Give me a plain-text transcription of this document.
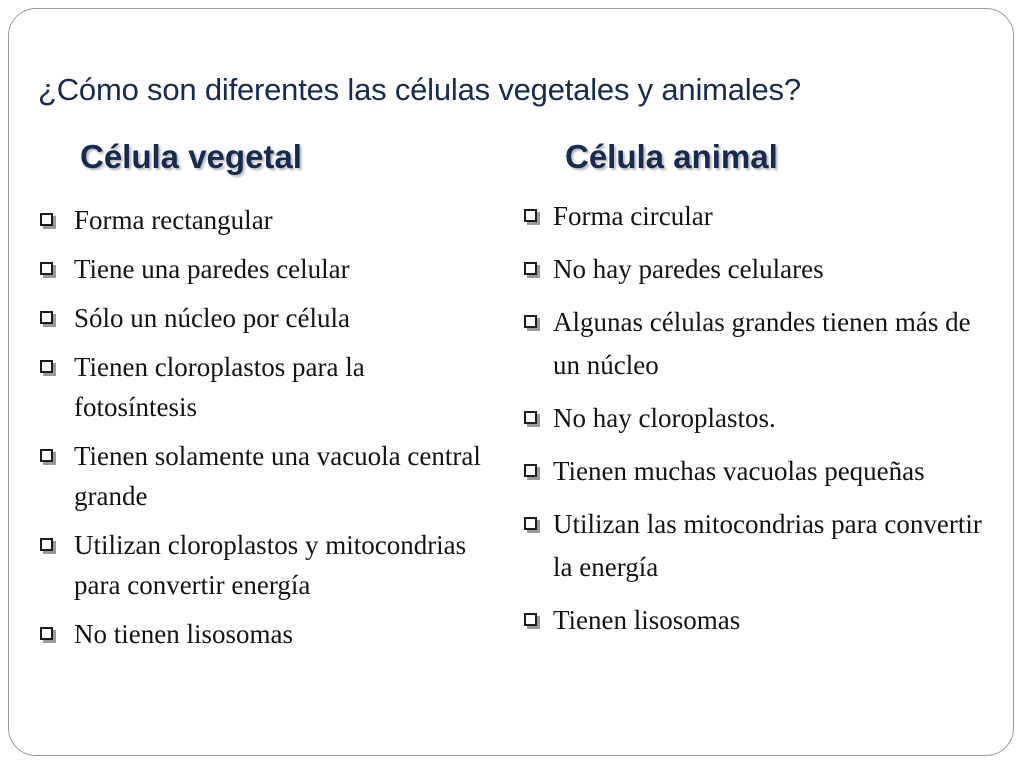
¿Cómo son diferentes las células vegetales y animales?
Célula vegetal	Célula animal
Forma rectangular
Tiene una paredes celular
Sólo un núcleo por célula
Tienen cloroplastos para la fotosíntesis
Tienen solamente una vacuola central grande
Utilizan cloroplastos y mitocondrias para convertir energía
No tienen lisosomas
Forma circular
No hay paredes celulares
Algunas células grandes tienen más de un núcleo
No hay cloroplastos.
Tienen muchas vacuolas pequeñas
Utilizan las mitocondrias para convertir la energía
Tienen lisosomas
